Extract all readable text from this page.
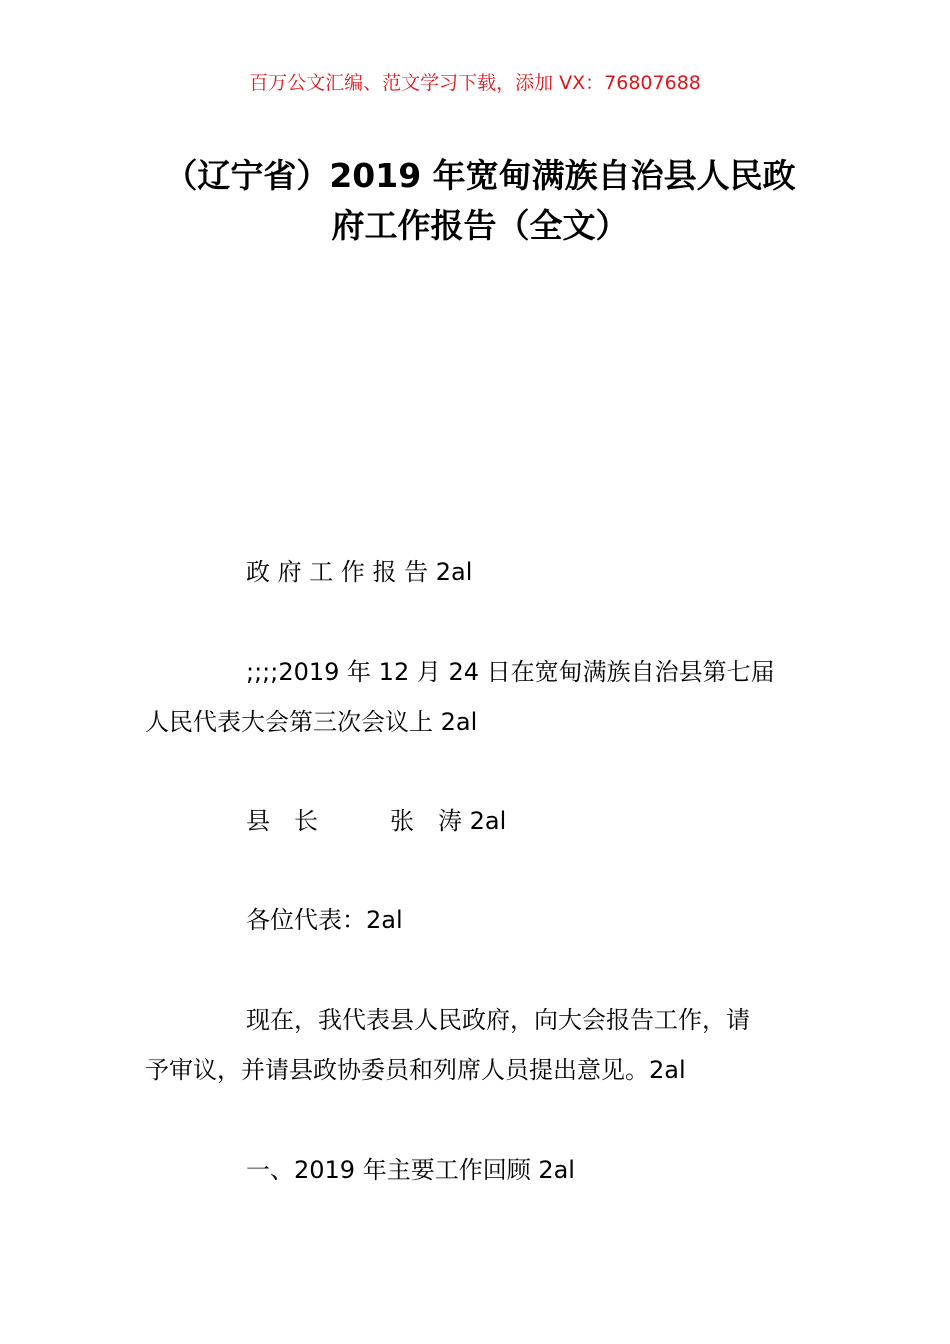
百万公文汇编、范文学习下载，添加 VX：76807688
（辽宁省）2019 年宽甸满族自治县人民政
府工作报告（全文）
政 府 工 作 报 告 2al
;;;;2019 年 12 月 24 日在宽甸满族自治县第七届
人民代表大会第三次会议上 2al
县　长　　　张　涛 2al
各位代表：2al
现在，我代表县人民政府，向大会报告工作，请
予审议，并请县政协委员和列席人员提出意见。2al
一、2019 年主要工作回顾 2al
